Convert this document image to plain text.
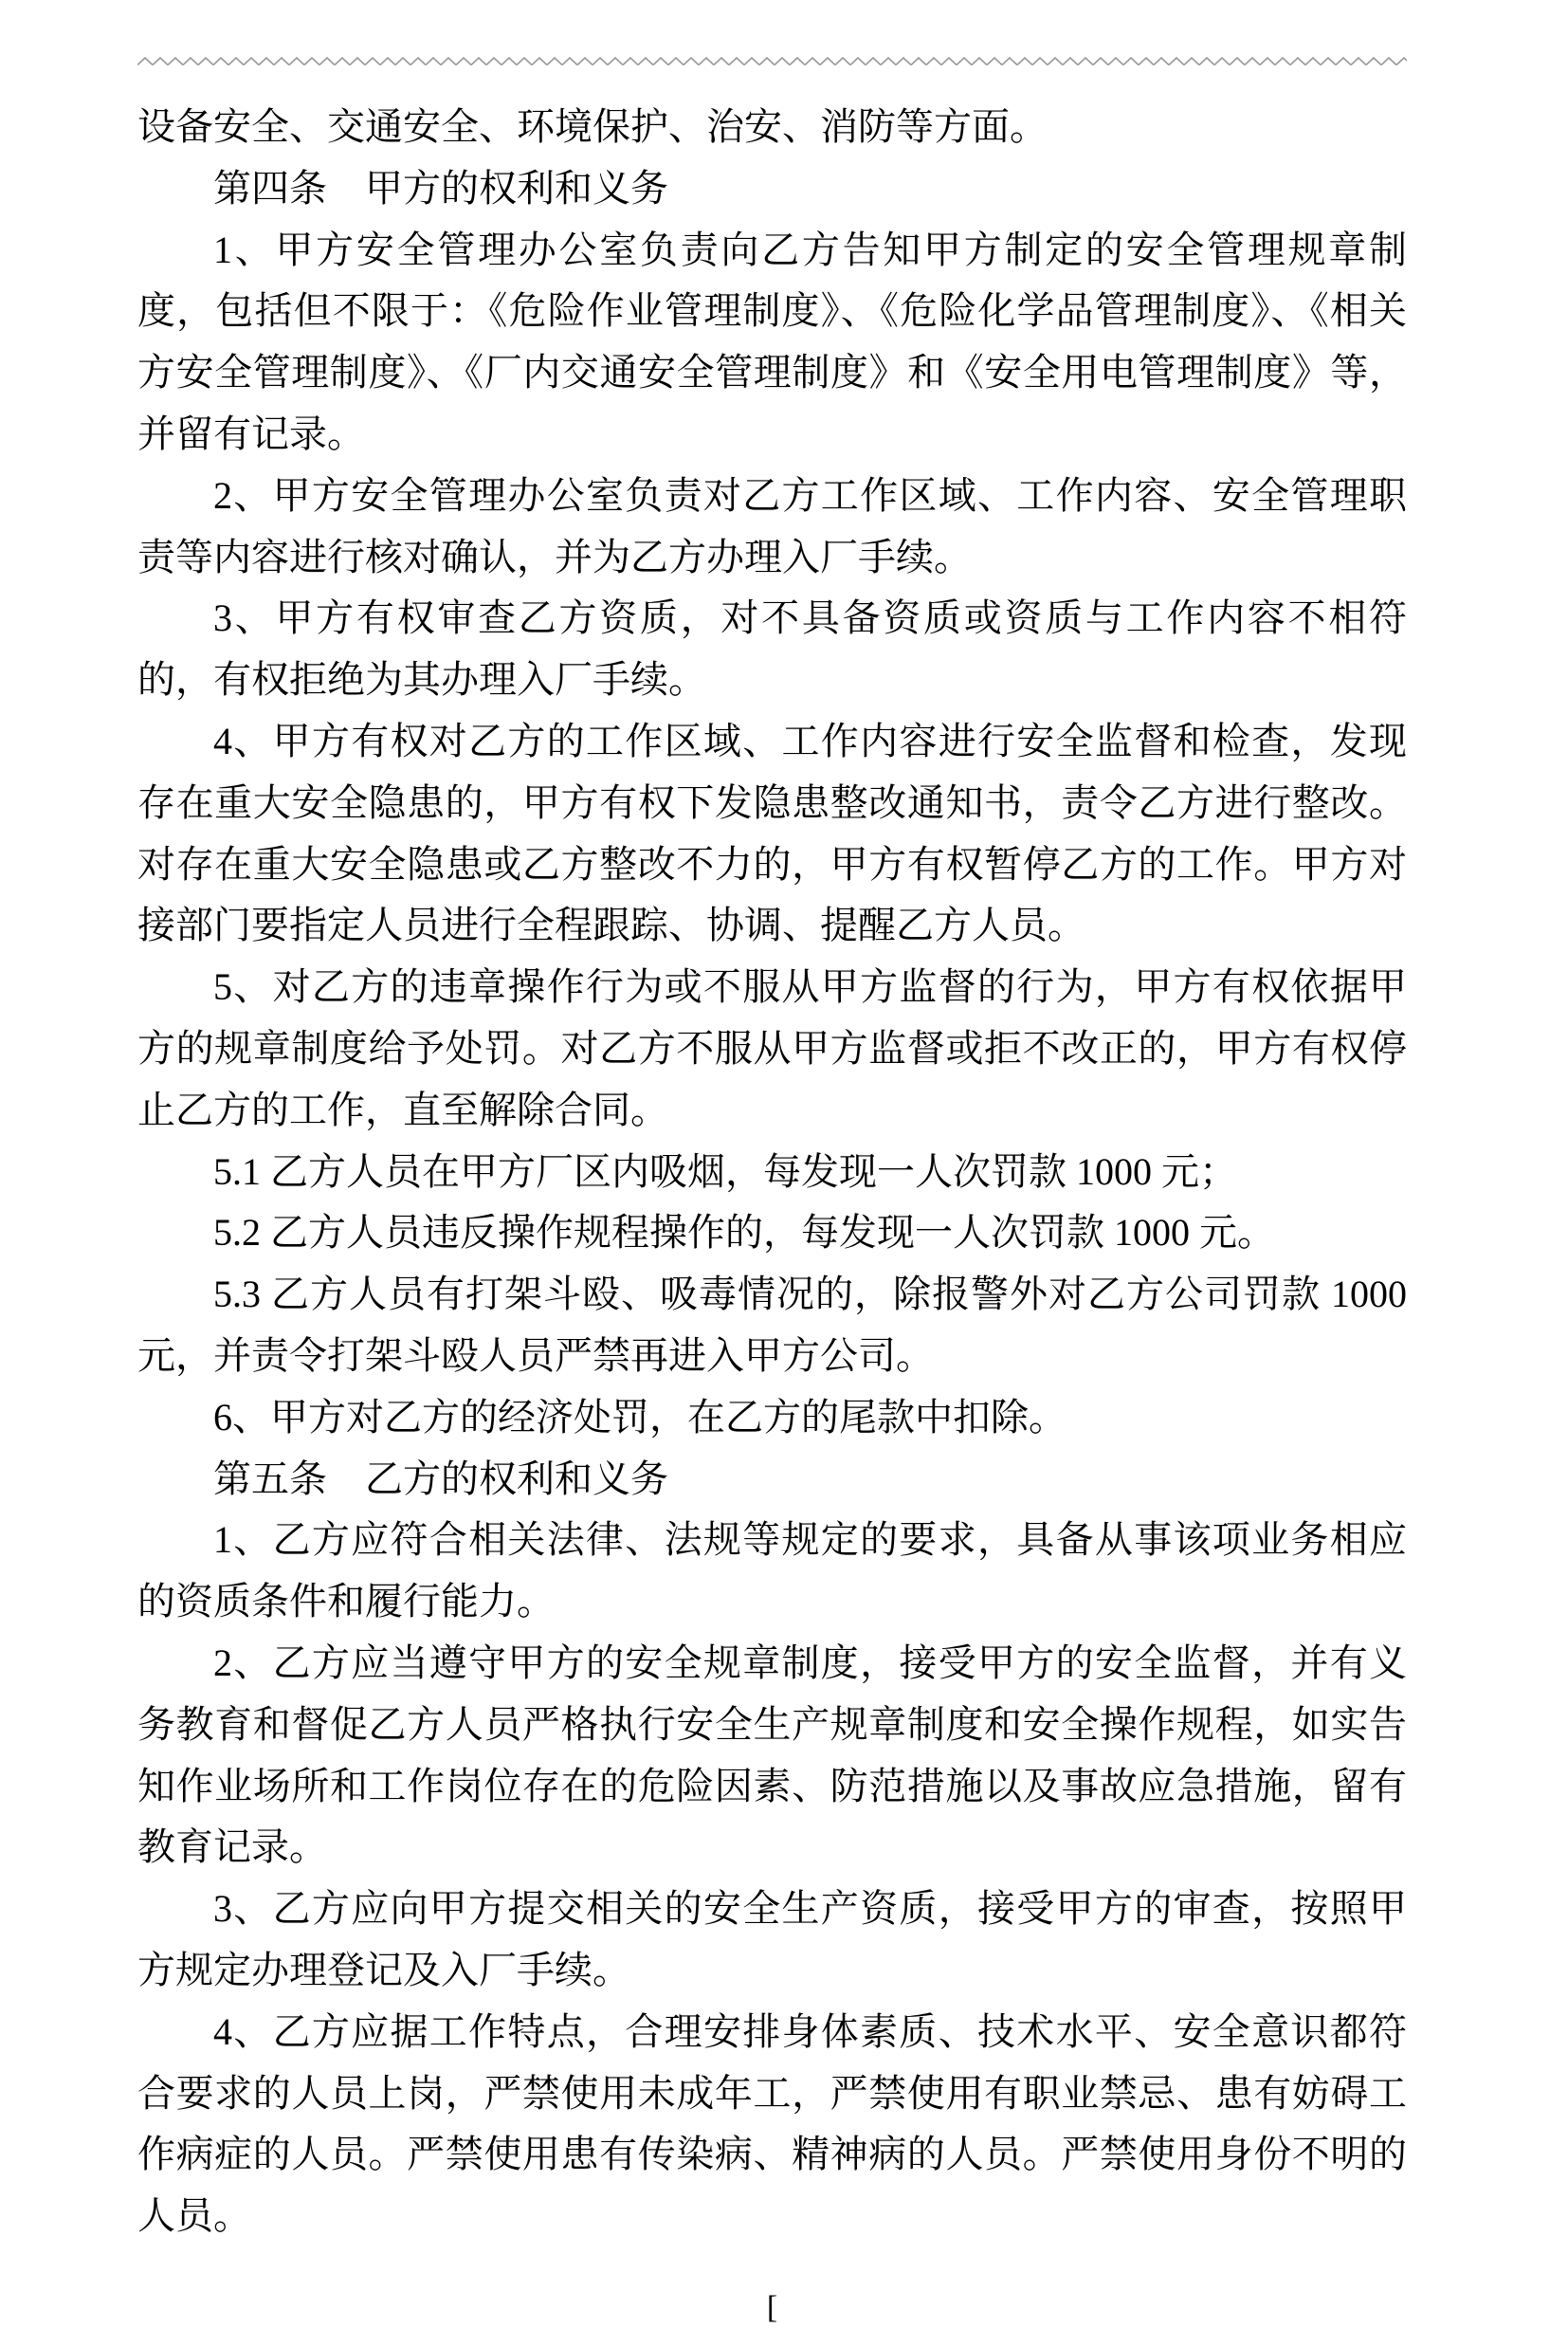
设备安全、交通安全、环境保护、治安、消防等方面。

第四条　甲方的权利和义务

1、甲方安全管理办公室负责向乙方告知甲方制定的安全管理规章制度，包括但不限于：《危险作业管理制度》、《危险化学品管理制度》、《相关方安全管理制度》、《厂内交通安全管理制度》和《安全用电管理制度》等，并留有记录。

2、甲方安全管理办公室负责对乙方工作区域、工作内容、安全管理职责等内容进行核对确认，并为乙方办理入厂手续。

3、甲方有权审查乙方资质，对不具备资质或资质与工作内容不相符的，有权拒绝为其办理入厂手续。

4、甲方有权对乙方的工作区域、工作内容进行安全监督和检查，发现存在重大安全隐患的，甲方有权下发隐患整改通知书，责令乙方进行整改。对存在重大安全隐患或乙方整改不力的，甲方有权暂停乙方的工作。甲方对接部门要指定人员进行全程跟踪、协调、提醒乙方人员。

5、对乙方的违章操作行为或不服从甲方监督的行为，甲方有权依据甲方的规章制度给予处罚。对乙方不服从甲方监督或拒不改正的，甲方有权停止乙方的工作，直至解除合同。

5.1 乙方人员在甲方厂区内吸烟，每发现一人次罚款 1000 元；

5.2 乙方人员违反操作规程操作的，每发现一人次罚款 1000 元。

5.3 乙方人员有打架斗殴、吸毒情况的，除报警外对乙方公司罚款 1000 元，并责令打架斗殴人员严禁再进入甲方公司。

6、甲方对乙方的经济处罚，在乙方的尾款中扣除。

第五条　乙方的权利和义务

1、乙方应符合相关法律、法规等规定的要求，具备从事该项业务相应的资质条件和履行能力。

2、乙方应当遵守甲方的安全规章制度，接受甲方的安全监督，并有义务教育和督促乙方人员严格执行安全生产规章制度和安全操作规程，如实告知作业场所和工作岗位存在的危险因素、防范措施以及事故应急措施，留有教育记录。

3、乙方应向甲方提交相关的安全生产资质，接受甲方的审查，按照甲方规定办理登记及入厂手续。

4、乙方应据工作特点，合理安排身体素质、技术水平、安全意识都符合要求的人员上岗，严禁使用未成年工，严禁使用有职业禁忌、患有妨碍工作病症的人员。严禁使用患有传染病、精神病的人员。严禁使用身份不明的人员。

[
